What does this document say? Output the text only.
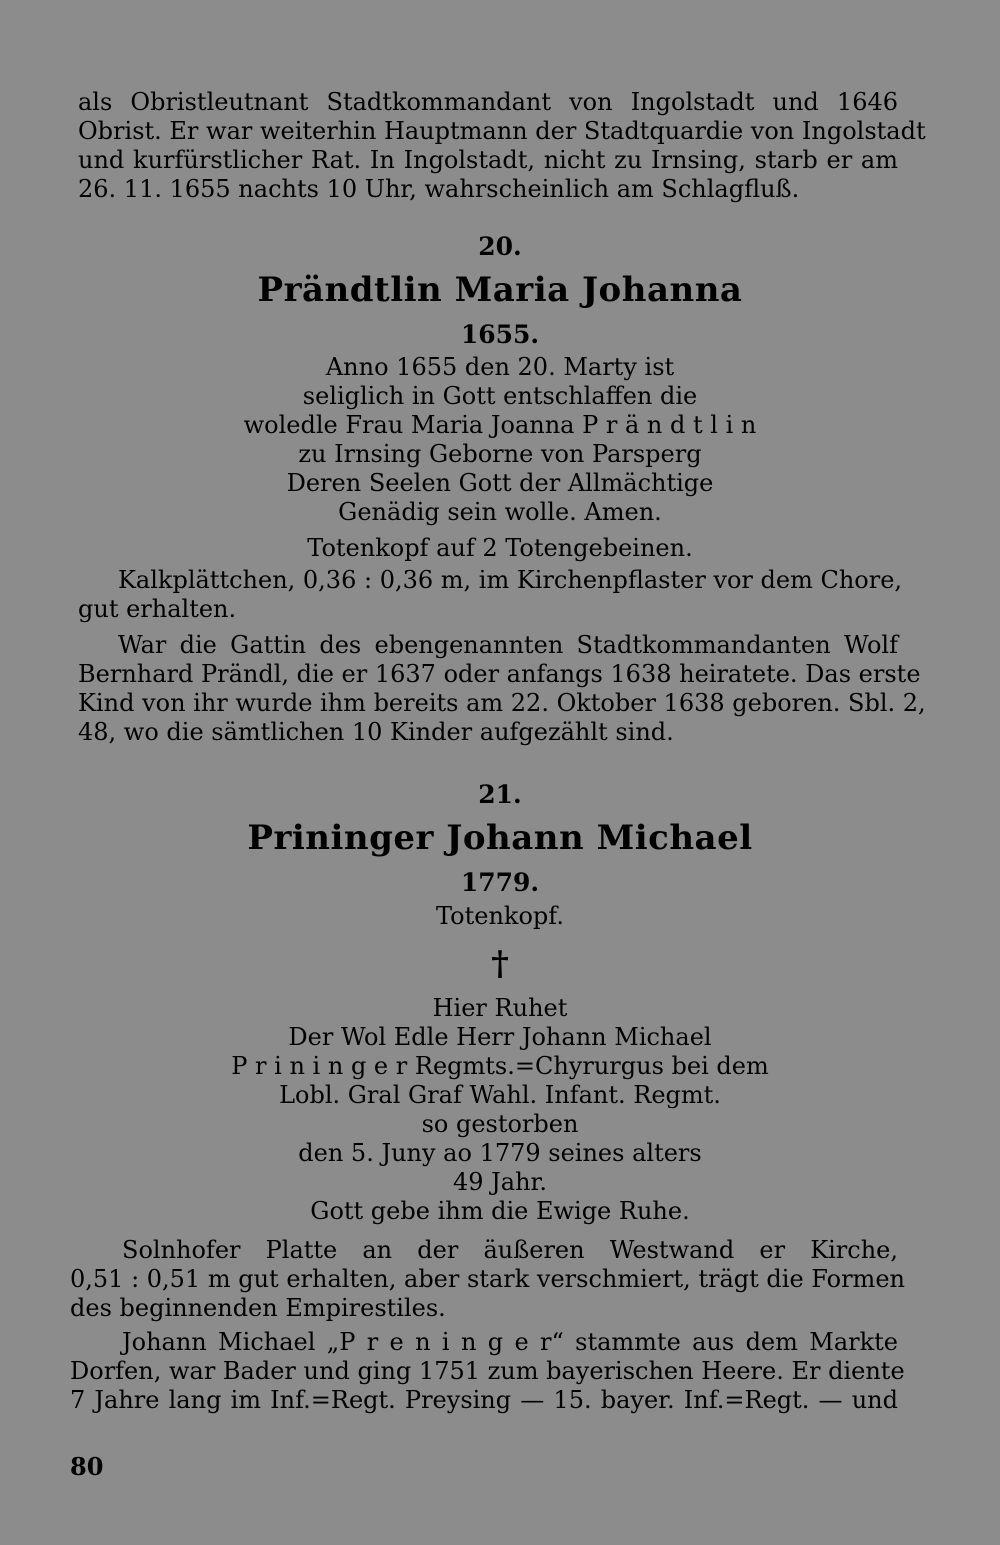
als Obristleutnant Stadtkommandant von Ingolstadt und 1646
Obrist. Er war weiterhin Hauptmann der Stadtquardie von Ingolstadt
und kurfürstlicher Rat. In Ingolstadt, nicht zu Irnsing, starb er am
26. 11. 1655 nachts 10 Uhr, wahrscheinlich am Schlagfluß.

20.

Prändtlin Maria Johanna

1655.

Anno 1655 den 20. Marty ist
seliglich in Gott entschlaffen die
woledle Frau Maria Joanna P r ä n d t l i n
zu Irnsing Geborne von Parsperg
Deren Seelen Gott der Allmächtige
Genädig sein wolle. Amen.

Totenkopf auf 2 Totengebeinen.

Kalkplättchen, 0,36 : 0,36 m, im Kirchenpflaster vor dem Chore,
gut erhalten.

War die Gattin des ebengenannten Stadtkommandanten Wolf
Bernhard Prändl, die er 1637 oder anfangs 1638 heiratete. Das erste
Kind von ihr wurde ihm bereits am 22. Oktober 1638 geboren. Sbl. 2,
48, wo die sämtlichen 10 Kinder aufgezählt sind.

21.

Prininger Johann Michael

1779.

Totenkopf.

†

Hier Ruhet
Der Wol Edle Herr Johann Michael
P r i n i n g e r Regmts.=Chyrurgus bei dem
Lobl. Gral Graf Wahl. Infant. Regmt.
so gestorben
den 5. Juny ao 1779 seines alters
49 Jahr.
Gott gebe ihm die Ewige Ruhe.

Solnhofer Platte an der äußeren Westwand er Kirche,
0,51 : 0,51 m gut erhalten, aber stark verschmiert, trägt die Formen
des beginnenden Empirestiles.

Johann Michael „P r e n i n g e r“ stammte aus dem Markte
Dorfen, war Bader und ging 1751 zum bayerischen Heere. Er diente
7 Jahre lang im Inf.=Regt. Preysing — 15. bayer. Inf.=Regt. — und

80
